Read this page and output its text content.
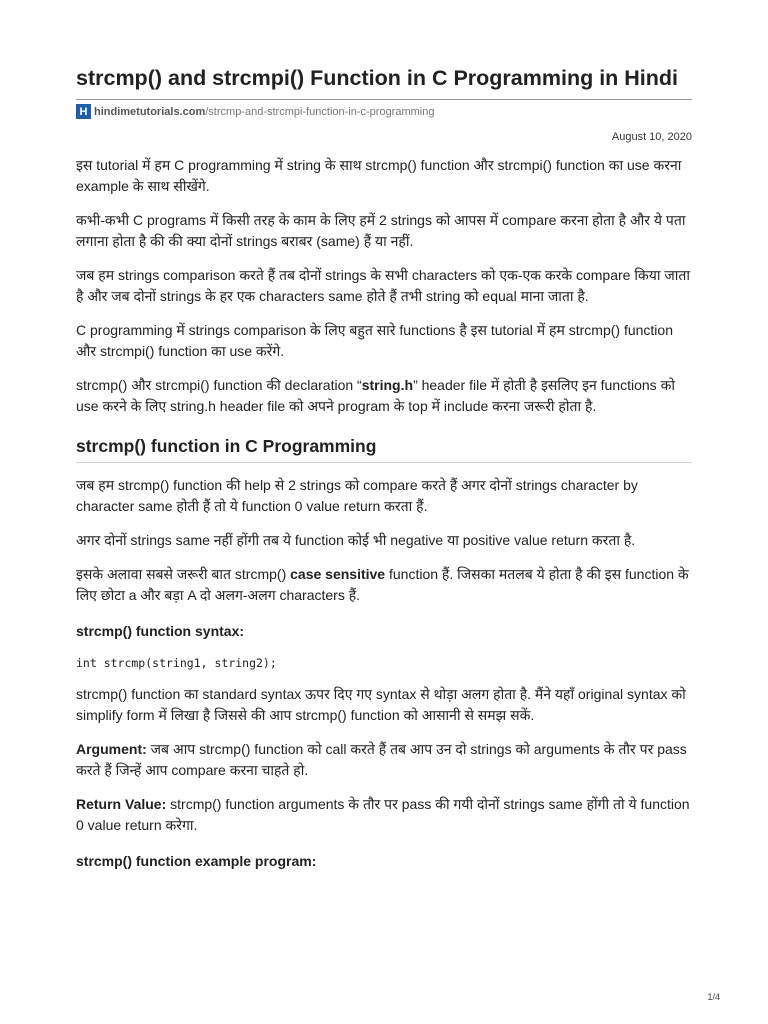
strcmp() and strcmpi() Function in C Programming in Hindi
H hindimetutorials.com /strcmp-and-strcmpi-function-in-c-programming
August 10, 2020

इस tutorial में हम C programming में string के साथ strcmp() function और strcmpi() function का use करना example के साथ सीखेंगे.

कभी-कभी C programs में किसी तरह के काम के लिए हमें 2 strings को आपस में compare करना होता है और ये पता लगाना होता है की की क्या दोनों strings बराबर (same) हैं या नहीं.

जब हम strings comparison करते हैं तब दोनों strings के सभी characters को एक-एक करके compare किया जाता है और जब दोनों strings के हर एक characters same होते हैं तभी string को equal माना जाता है.

C programming में strings comparison के लिए बहुत सारे functions है इस tutorial में हम strcmp() function और strcmpi() function का use करेंगे.

strcmp() और strcmpi() function की declaration “string.h” header file में होती है इसलिए इन functions को use करने के लिए string.h header file को अपने program के top में include करना जरूरी होता है.

strcmp() function in C Programming

जब हम strcmp() function की help से 2 strings को compare करते हैं अगर दोनों strings character by character same होती हैं तो ये function 0 value return करता हैं.

अगर दोनों strings same नहीं होंगी तब ये function कोई भी negative या positive value return करता है.

इसके अलावा सबसे जरूरी बात strcmp() case sensitive function हैं. जिसका मतलब ये होता है की इस function के लिए छोटा a और बड़ा A दो अलग-अलग characters हैं.

strcmp() function syntax:
int strcmp(string1, string2);

strcmp() function का standard syntax ऊपर दिए गए syntax से थोड़ा अलग होता है. मैंने यहाँ original syntax को simplify form में लिखा है जिससे की आप strcmp() function को आसानी से समझ सकें.

Argument: जब आप strcmp() function को call करते हैं तब आप उन दो strings को arguments के तौर पर pass करते हैं जिन्हें आप compare करना चाहते हो.

Return Value: strcmp() function arguments के तौर पर pass की गयी दोनों strings same होंगी तो ये function 0 value return करेगा.

strcmp() function example program:
1/4
